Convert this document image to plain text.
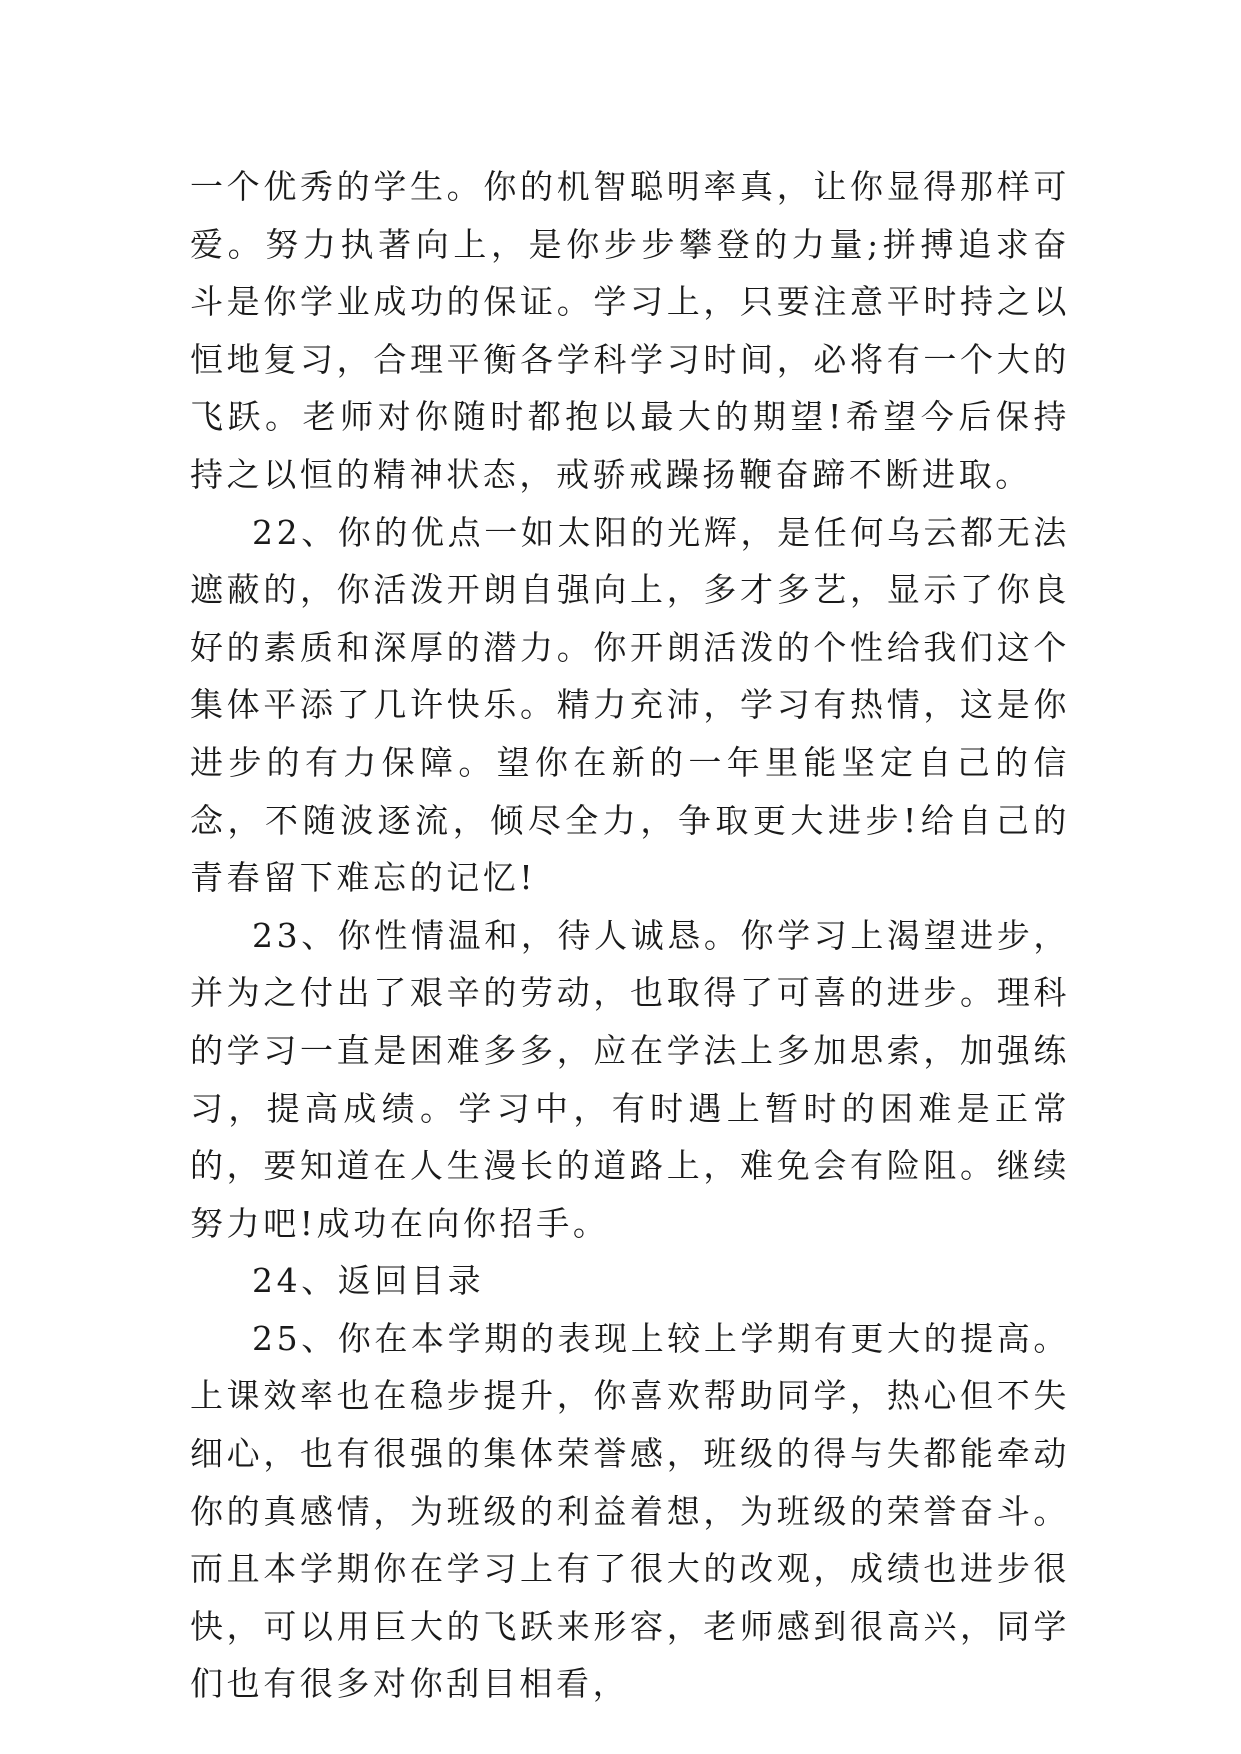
一个优秀的学生。你的机智聪明率真，让你显得那样可爱。努力执著向上，是你步步攀登的力量;拼搏追求奋斗是你学业成功的保证。学习上，只要注意平时持之以恒地复习，合理平衡各学科学习时间，必将有一个大的飞跃。老师对你随时都抱以最大的期望!希望今后保持持之以恒的精神状态，戒骄戒躁扬鞭奋蹄不断进取。

22、你的优点一如太阳的光辉，是任何乌云都无法遮蔽的，你活泼开朗自强向上，多才多艺，显示了你良好的素质和深厚的潜力。你开朗活泼的个性给我们这个集体平添了几许快乐。精力充沛，学习有热情，这是你进步的有力保障。望你在新的一年里能坚定自己的信念，不随波逐流，倾尽全力，争取更大进步!给自己的青春留下难忘的记忆!

23、你性情温和，待人诚恳。你学习上渴望进步，并为之付出了艰辛的劳动，也取得了可喜的进步。理科的学习一直是困难多多，应在学法上多加思索，加强练习，提高成绩。学习中，有时遇上暂时的困难是正常的，要知道在人生漫长的道路上，难免会有险阻。继续努力吧!成功在向你招手。

24、返回目录

25、你在本学期的表现上较上学期有更大的提高。上课效率也在稳步提升，你喜欢帮助同学，热心但不失细心，也有很强的集体荣誉感，班级的得与失都能牵动你的真感情，为班级的利益着想，为班级的荣誉奋斗。而且本学期你在学习上有了很大的改观，成绩也进步很快，可以用巨大的飞跃来形容，老师感到很高兴，同学们也有很多对你刮目相看，
